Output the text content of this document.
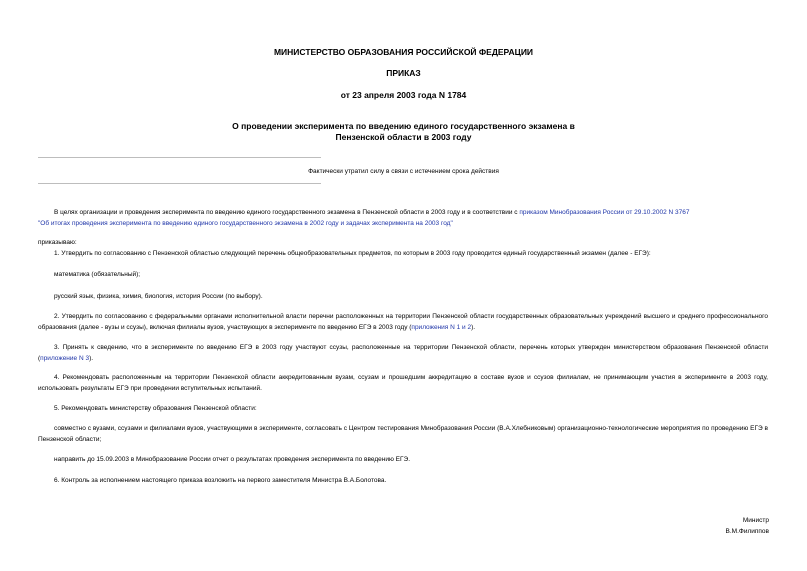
МИНИСТЕРСТВО ОБРАЗОВАНИЯ РОССИЙСКОЙ ФЕДЕРАЦИИ
ПРИКАЗ
от 23 апреля 2003 года N 1784
О проведении эксперимента по введению единого государственного экзамена в
Пензенской области в 2003 году
Фактически утратил силу в связи с истечением срока действия
В целях организации и проведения эксперимента по введению единого государственного экзамена в Пензенской области в 2003 году и в соответствии с приказом Минобразования России от 29.10.2002 N 3767
"Об итогах проведения эксперимента по введению единого государственного экзамена в 2002 году и задачах эксперимента на 2003 год"
приказываю:
1. Утвердить по согласованию с Пензенской областью следующий перечень общеобразовательных предметов, по которым в 2003 году проводится единый государственный экзамен (далее - ЕГЭ):
математика (обязательный);
русский язык, физика, химия, биология, история России (по выбору).
2. Утвердить по согласованию с федеральными органами исполнительной власти перечни расположенных на территории Пензенской области государственных образовательных учреждений высшего и среднего профессионального образования (далее - вузы и ссузы), включая филиалы вузов, участвующих в эксперименте по введению ЕГЭ в 2003 году (приложения N 1 и 2).
3. Принять к сведению, что в эксперименте по введению ЕГЭ в 2003 году участвуют ссузы, расположенные на территории Пензенской области, перечень которых утвержден министерством образования Пензенской области (приложение N 3).
4. Рекомендовать расположенным на территории Пензенской области аккредитованным вузам, ссузам и прошедшим аккредитацию в составе вузов и ссузов филиалам, не принимающим участия в эксперименте в 2003 году, использовать результаты ЕГЭ при проведении вступительных испытаний.
5. Рекомендовать министерству образования Пензенской области:
совместно с вузами, ссузами и филиалами вузов, участвующими в эксперименте, согласовать с Центром тестирования Минобразования России (В.А.Хлебниковым) организационно-технологические мероприятия по проведению ЕГЭ в Пензенской области;
направить до 15.09.2003 в Минобразование России отчет о результатах проведения эксперимента по введению ЕГЭ.
6. Контроль за исполнением настоящего приказа возложить на первого заместителя Министра В.А.Болотова.
Министр
В.М.Филиппов
